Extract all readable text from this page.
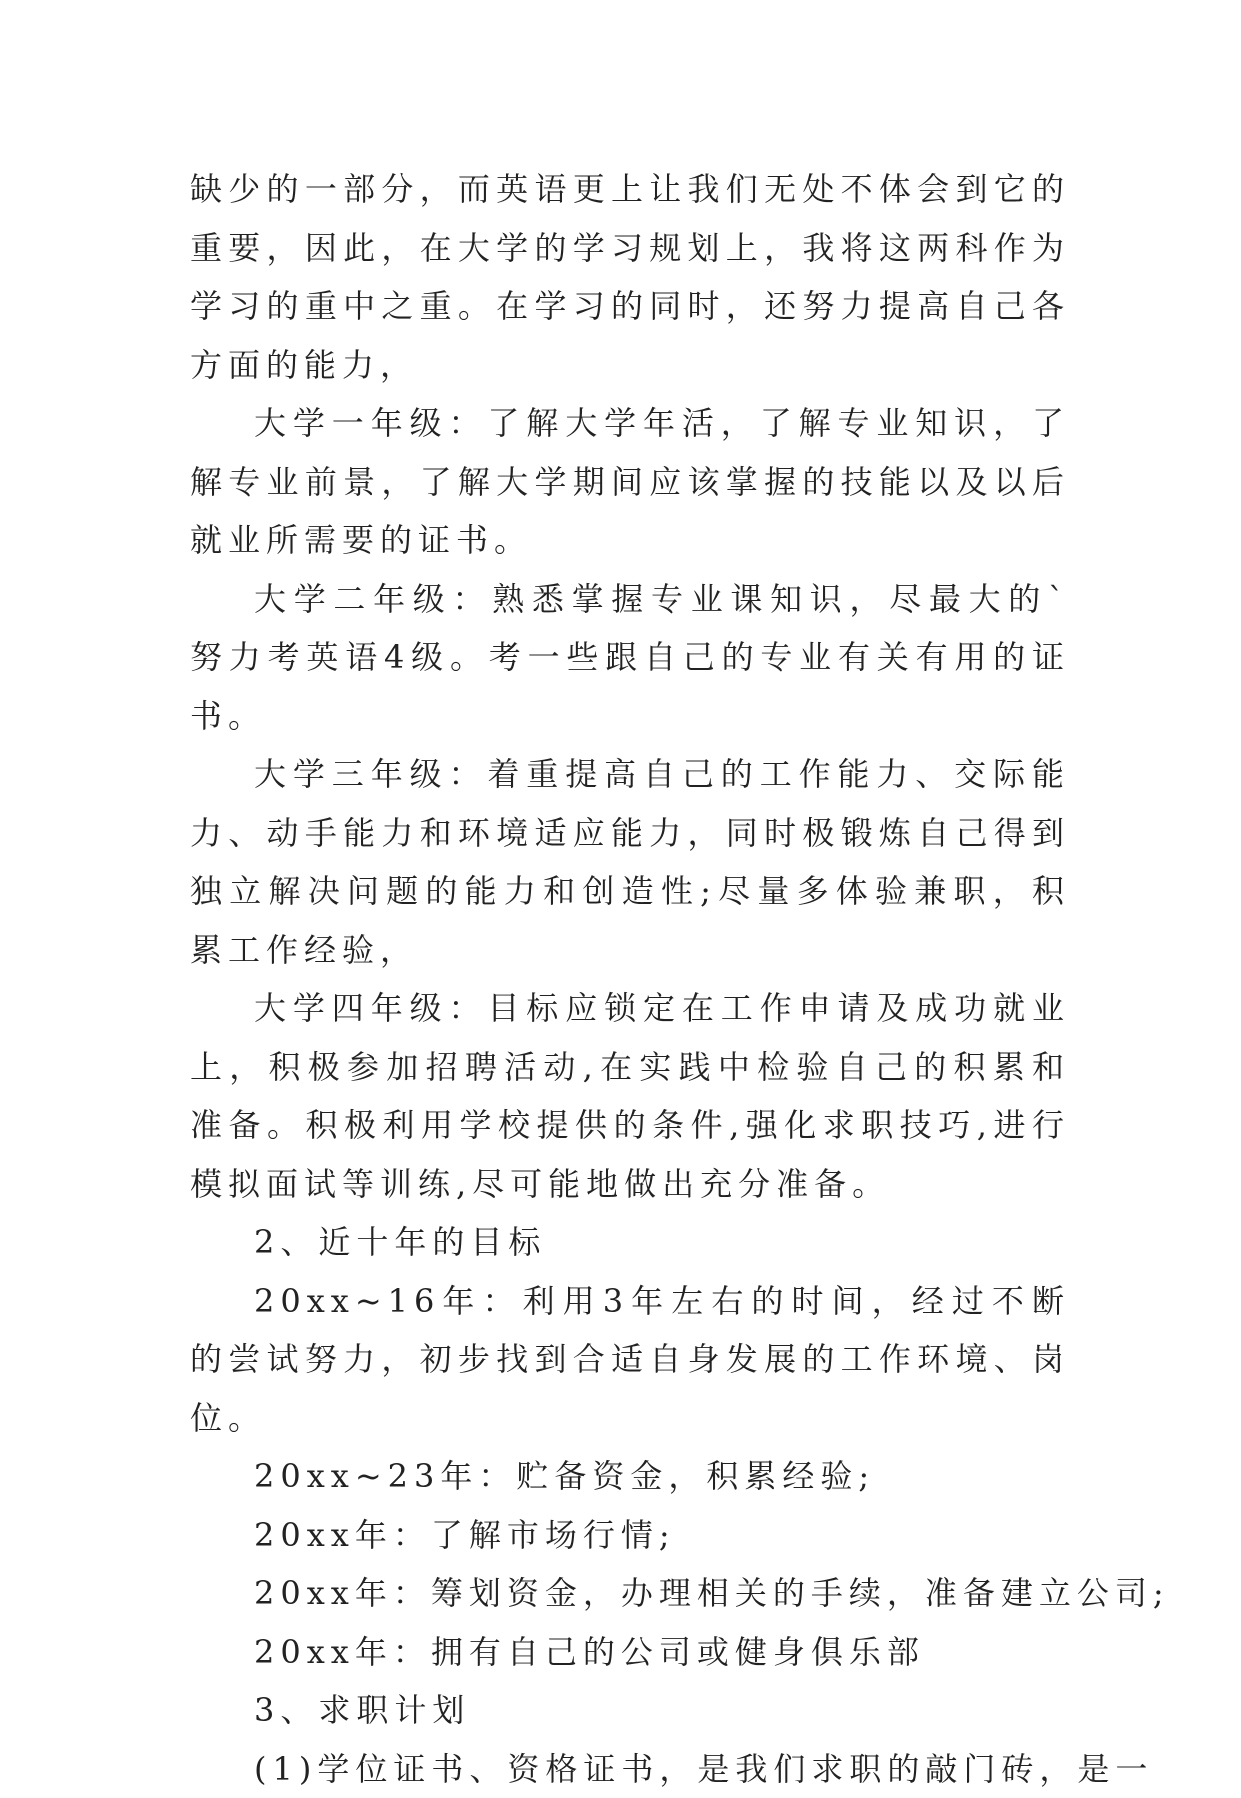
缺少的一部分，而英语更上让我们无处不体会到它的重要，因此，在大学的学习规划上，我将这两科作为学习的重中之重。在学习的同时，还努力提高自己各方面的能力，

大学一年级：了解大学年活，了解专业知识，了解专业前景，了解大学期间应该掌握的技能以及以后就业所需要的证书。

大学二年级：熟悉掌握专业课知识，尽最大的`努力考英语4级。考一些跟自己的专业有关有用的证书。

大学三年级：着重提高自己的工作能力、交际能力、动手能力和环境适应能力，同时极锻炼自己得到独立解决问题的能力和创造性;尽量多体验兼职，积累工作经验，

大学四年级：目标应锁定在工作申请及成功就业上，积极参加招聘活动,在实践中检验自己的积累和准备。积极利用学校提供的条件,强化求职技巧,进行模拟面试等训练,尽可能地做出充分准备。

2、近十年的目标

20xx~16年：利用3年左右的时间，经过不断的尝试努力，初步找到合适自身发展的工作环境、岗位。

20xx~23年：贮备资金，积累经验;

20xx年：了解市场行情;

20xx年：筹划资金，办理相关的手续，准备建立公司;

20xx年：拥有自己的公司或健身俱乐部

3、求职计划

(1)学位证书、资格证书，是我们求职的敲门砖，是一
